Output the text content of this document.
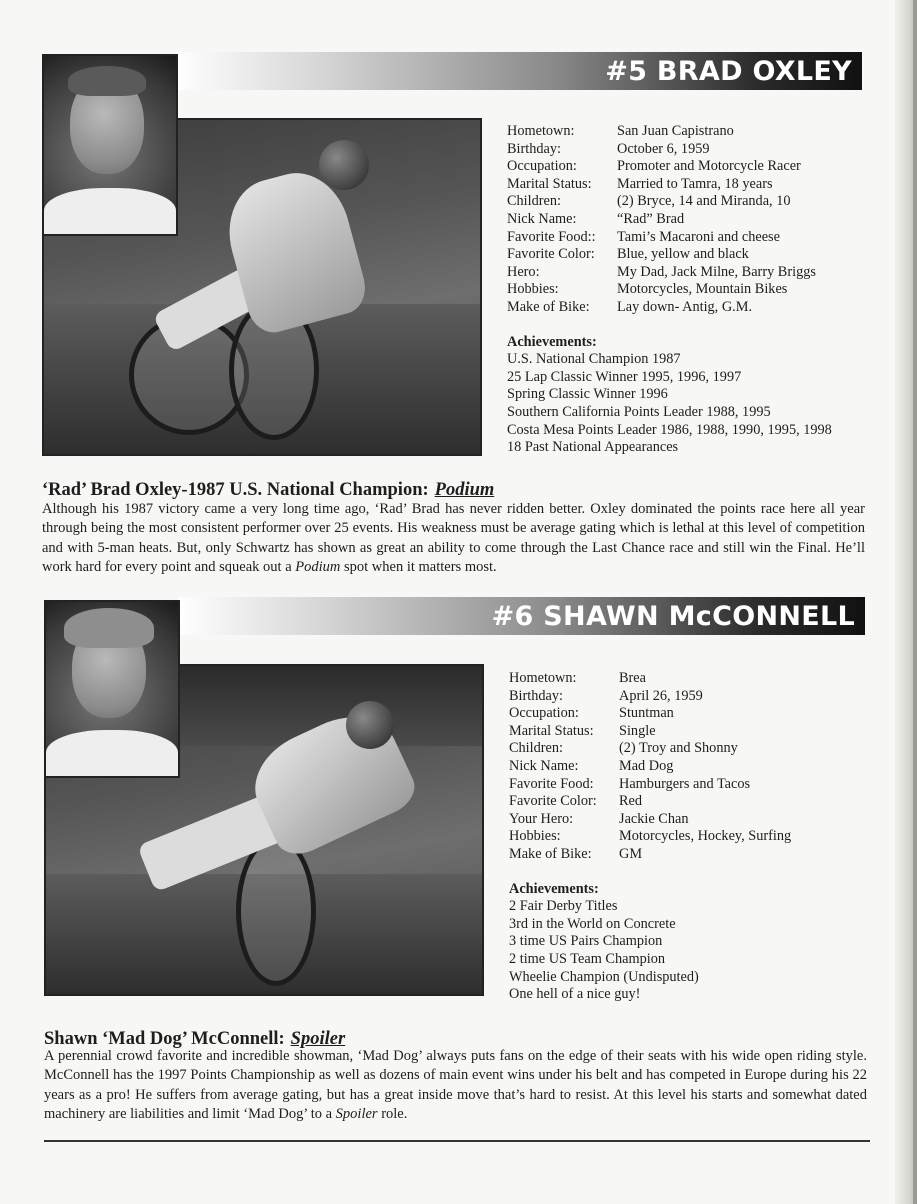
#5 BRAD OXLEY
Hometown:	San Juan Capistrano
Birthday:	October 6, 1959
Occupation:	Promoter and Motorcycle Racer
Marital Status: Married to Tamra, 18 years
Children:	(2) Bryce, 14 and Miranda, 10
Nick Name:	“Rad” Brad
Favorite Food:: Tami’s Macaroni and cheese
Favorite Color: Blue, yellow and black
Hero:	My Dad, Jack Milne, Barry Briggs
Hobbies:	Motorcycles, Mountain Bikes
Make of Bike: Lay down- Antig, G.M.
Achievements:
U.S. National Champion 1987
25 Lap Classic Winner 1995, 1996, 1997
Spring Classic Winner 1996
Southern California Points Leader 1988, 1995
Costa Mesa Points Leader 1986, 1988, 1990, 1995, 1998
18 Past National Appearances
‘Rad’ Brad Oxley-1987 U.S. National Champion: Podium

Although his 1987 victory came a very long time ago, ‘Rad’ Brad has never ridden better. Oxley dominated the points race here all year through being the most consistent performer over 25 events. His weakness must be average gating which is lethal at this level of competition and with 5-man heats. But, only Schwartz has shown as great an ability to come through the Last Chance race and still win the Final. He’ll work hard for every point and squeak out a Podium spot when it matters most.

#6 SHAWN McCONNELL
Hometown:	Brea
Birthday:	April 26, 1959
Occupation:	Stuntman
Marital Status: Single
Children:	(2) Troy and Shonny
Nick Name:	Mad Dog
Favorite Food: Hamburgers and Tacos
Favorite Color: Red
Your Hero:	Jackie Chan
Hobbies:	Motorcycles, Hockey, Surfing
Make of Bike: GM
Achievements:
2 Fair Derby Titles
3rd in the World on Concrete
3 time US Pairs Champion
2 time US Team Champion
Wheelie Champion (Undisputed)
One hell of a nice guy!
Shawn ‘Mad Dog’ McConnell: Spoiler

A perennial crowd favorite and incredible showman, ‘Mad Dog’ always puts fans on the edge of their seats with his wide open riding style. McConnell has the 1997 Points Championship as well as dozens of main event wins under his belt and has competed in Europe during his 22 years as a pro! He suffers from average gating, but has a great inside move that’s hard to resist. At this level his starts and somewhat dated machinery are liabilities and limit ‘Mad Dog’ to a Spoiler role.
